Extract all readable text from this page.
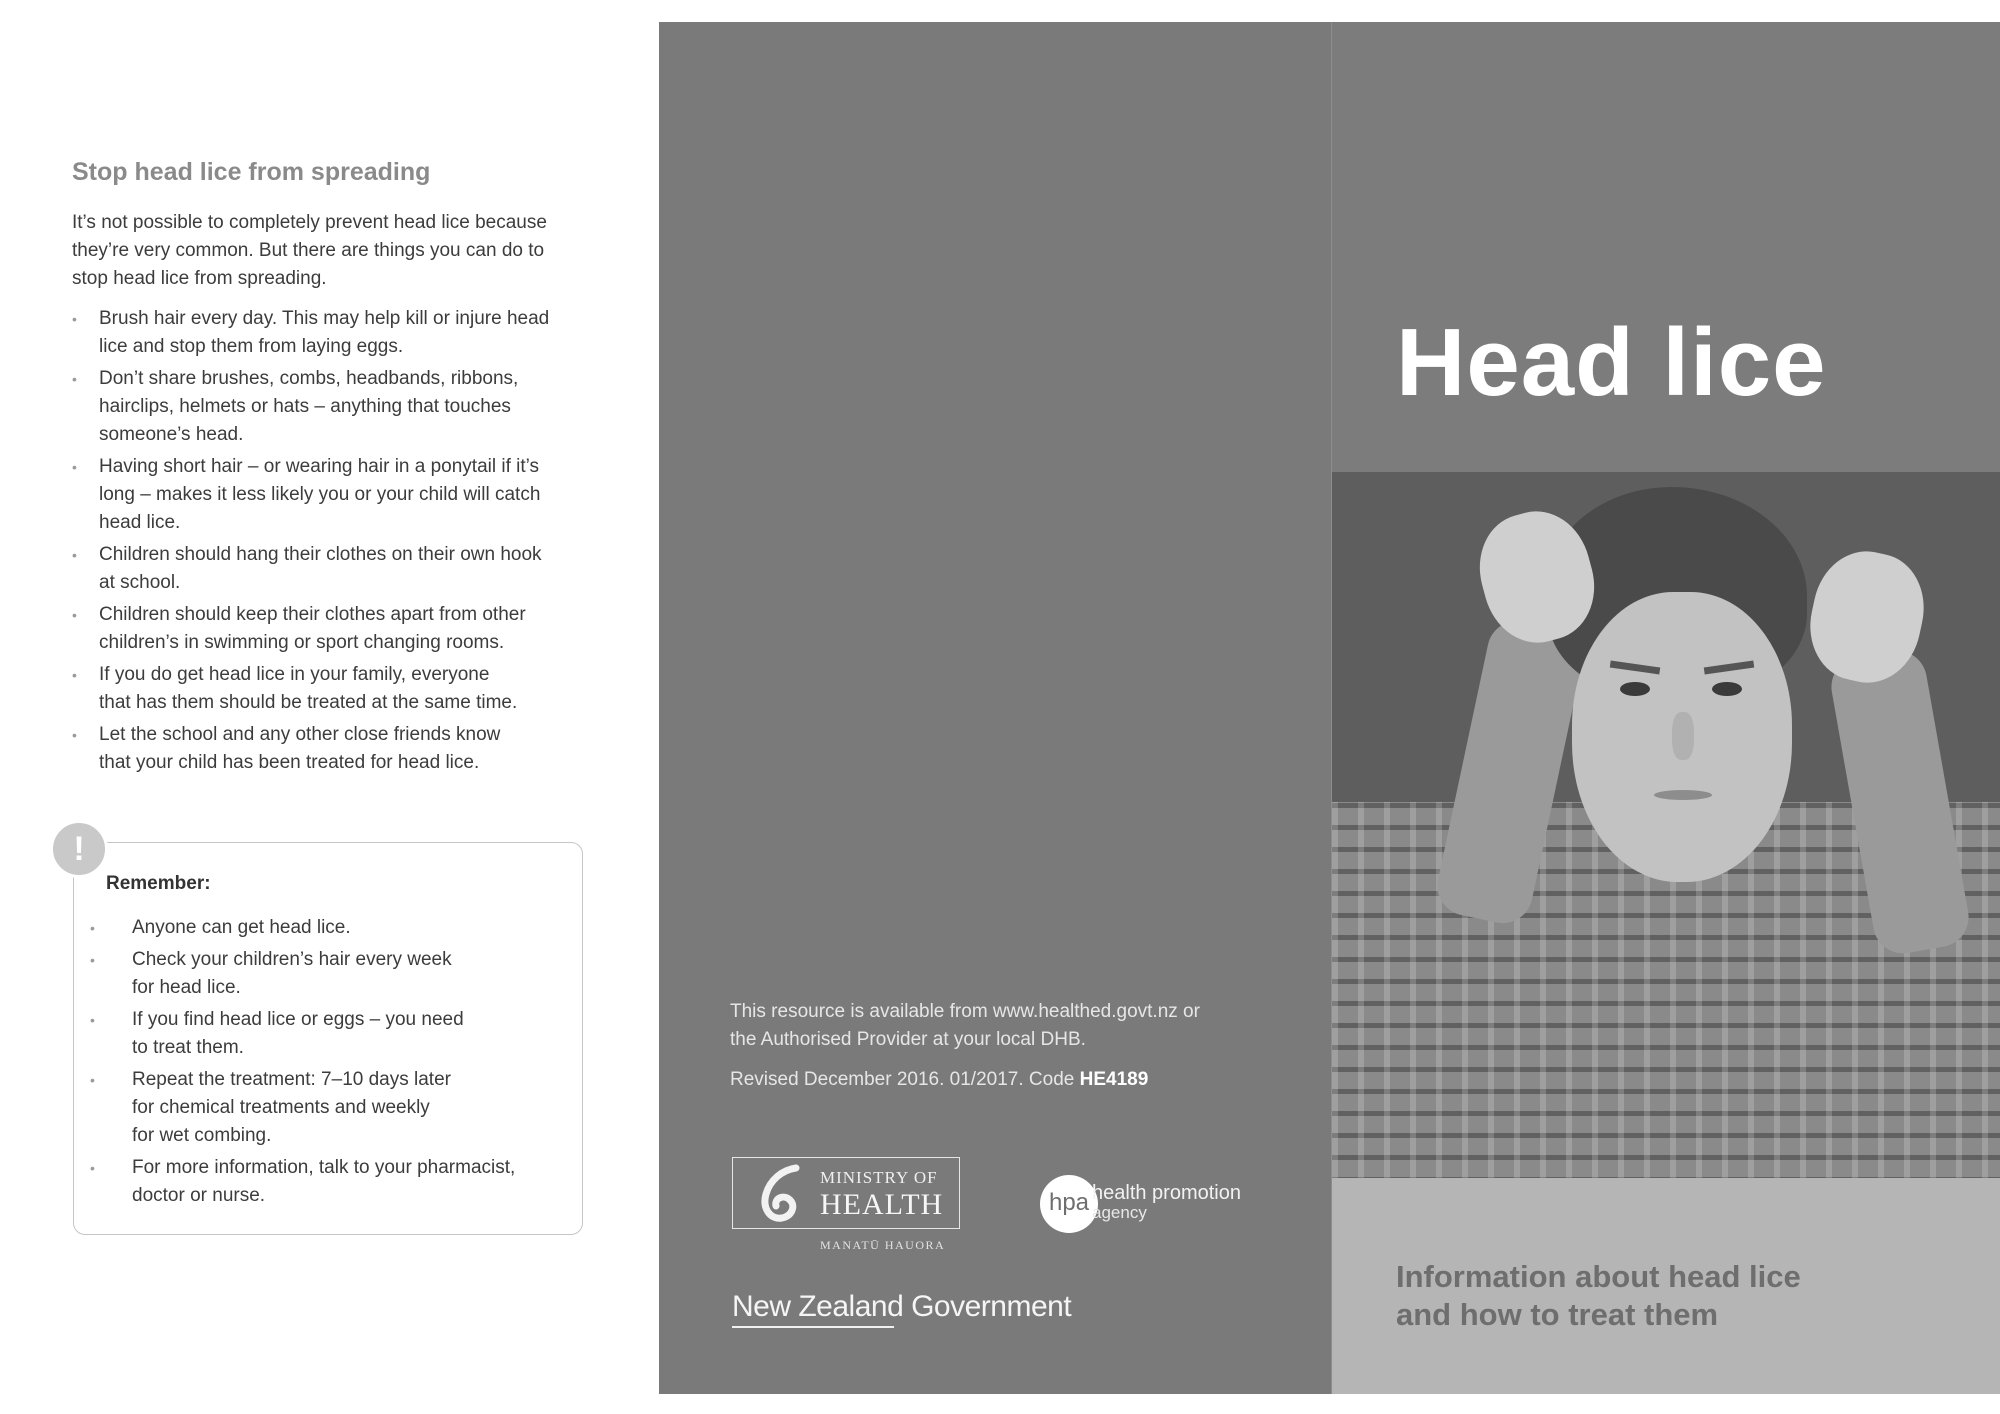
Stop head lice from spreading

It’s not possible to completely prevent head lice because
they’re very common. But there are things you can do to
stop head lice from spreading.

• Brush hair every day. This may help kill or injure head
lice and stop them from laying eggs.
• Don’t share brushes, combs, headbands, ribbons,
hairclips, helmets or hats – anything that touches
someone’s head.
• Having short hair – or wearing hair in a ponytail if it’s
long – makes it less likely you or your child will catch
head lice.
• Children should hang their clothes on their own hook
at school.
• Children should keep their clothes apart from other
children’s in swimming or sport changing rooms.
• If you do get head lice in your family, everyone
that has them should be treated at the same time.
• Let the school and any other close friends know
that your child has been treated for head lice.
!
Remember:
• Anyone can get head lice.
• Check your children’s hair every week
for head lice.
• If you find head lice or eggs – you need
to treat them.
• Repeat the treatment: 7–10 days later
for chemical treatments and weekly
for wet combing.
• For more information, talk to your pharmacist,
doctor or nurse.
This resource is available from www.healthed.govt.nz or
the Authorised Provider at your local DHB.
Revised December 2016. 01/2017. Code HE4189
MINISTRY OF
HEALTH
MANATŪ HAUORA
hpa health promotion
agency
New Zealand Government
Head lice
Information about head lice
and how to treat them
